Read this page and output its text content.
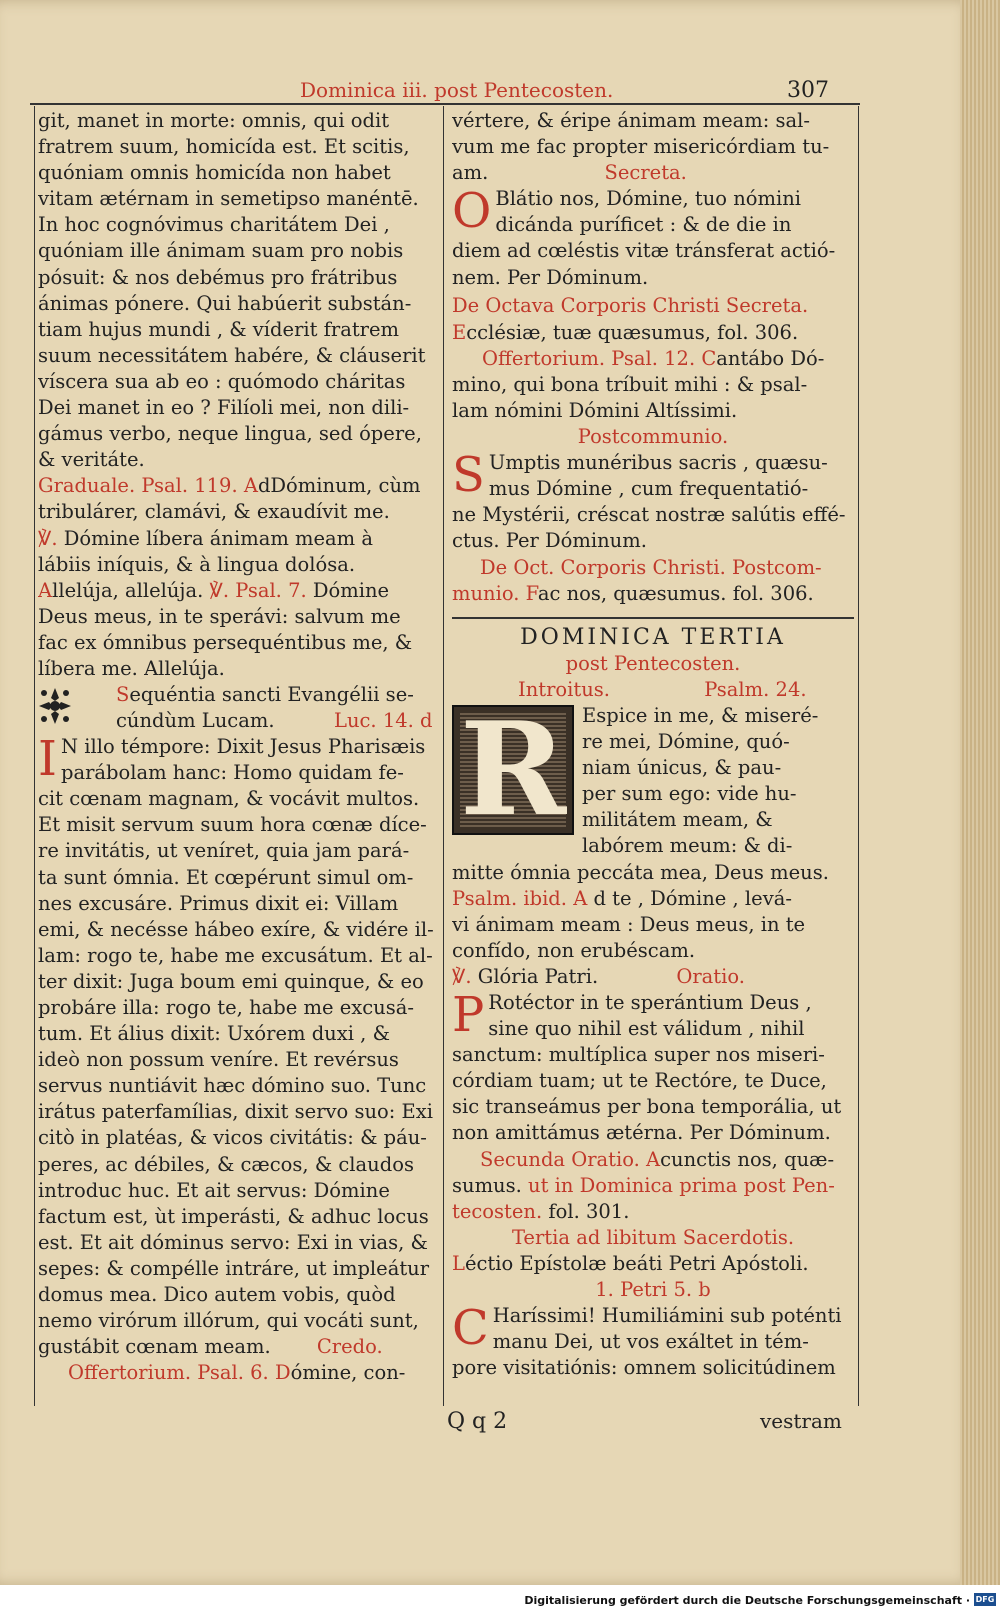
Dominica iii. post Pentecosten.	307
git, manet in morte: omnis, qui odit
fratrem suum, homicída est. Et scitis,
quóniam omnis homicída non habet
vitam ætérnam in semetipso manéntē.
In hoc cognóvimus charitátem Dei ,
quóniam ille ánimam suam pro nobis
pósuit: & nos debémus pro frátribus
ánimas pónere. Qui habúerit substán-
tiam hujus mundi , & víderit fratrem
suum necessitátem habére, & cláuserit
víscera sua ab eo : quómodo cháritas
Dei manet in eo ? Filíoli mei, non dili-
gámus verbo, neque lingua, sed ópere,
& veritáte.
Graduale. Psal. 119. AdDóminum, cùm
tribulárer, clamávi, & exaudívit me.
℣. Dómine líbera ánimam meam à
lábiis iníquis, & à lingua dolósa.
Allelúja, allelúja. ℣. Psal. 7. Dómine
Deus meus, in te sperávi: salvum me
fac ex ómnibus persequéntibus me, &
líbera me. Allelúja.
Sequéntia sancti Evangélii se-
cúndùm Lucam.	Luc. 14. d
I N illo témpore: Dixit Jesus Pharisæis
parábolam hanc: Homo quidam fe-
cit cœnam magnam, & vocávit multos.
Et misit servum suum hora cœnæ díce-
re invitátis, ut veníret, quia jam pará-
ta sunt ómnia. Et cœpérunt simul om-
nes excusáre. Primus dixit ei: Villam
emi, & necésse hábeo exíre, & vidére il-
lam: rogo te, habe me excusátum. Et al-
ter dixit: Juga boum emi quinque, & eo
probáre illa: rogo te, habe me excusá-
tum. Et álius dixit: Uxórem duxi , &
ideò non possum veníre. Et revérsus
servus nuntiávit hæc dómino suo. Tunc
irátus paterfamílias, dixit servo suo: Exi
citò in platéas, & vicos civitátis: & páu-
peres, ac débiles, & cæcos, & claudos
introduc huc. Et ait servus: Dómine
factum est, ùt imperásti, & adhuc locus
est. Et ait dóminus servo: Exi in vias, &
sepes: & compélle intráre, ut impleátur
domus mea. Dico autem vobis, quòd
nemo virórum illórum, qui vocáti sunt,
gustábit cœnam meam. Credo.
Offertorium. Psal. 6. Dómine, con-
vértere, & éripe ánimam meam: sal-
vum me fac propter misericórdiam tu-
am.	Secreta.
O Blátio nos, Dómine, tuo nómini
dicánda puríficet : & de die in
diem ad cœléstis vitæ tránsferat actió-
nem. Per Dóminum.
De Octava Corporis Christi Secreta.
Ecclésiæ, tuæ quæsumus, fol. 306.
Offertorium. Psal. 12. Cantábo Dó-
mino, qui bona tríbuit mihi : & psal-
lam nómini Dómini Altíssimi.
Postcommunio.
S Umptis munéribus sacris , quæsu-
mus Dómine , cum frequentatió-
ne Mystérii, créscat nostræ salútis effé-
ctus. Per Dóminum.
De Oct. Corporis Christi. Postcom-
munio. Fac nos, quæsumus. fol. 306.
DOMINICA TERTIA
post Pentecosten.
Introitus.	Psalm. 24.
R Espice in me, & miseré-
re mei, Dómine, quó-
niam únicus, & pau-
per sum ego: vide hu-
militátem meam, &
labórem meum: & di-
mitte ómnia peccáta mea, Deus meus.
Psalm. ibid. A d te , Dómine , levá-
vi ánimam meam : Deus meus, in te
confído, non erubéscam.
℣. Glória Patri.	Oratio.
P Rotéctor in te sperántium Deus ,
sine quo nihil est válidum , nihil
sanctum: multíplica super nos miseri-
córdiam tuam; ut te Rectóre, te Duce,
sic transeámus per bona temporália, ut
non amittámus ætérna. Per Dóminum.
Secunda Oratio. Acunctis nos, quæ-
sumus. ut in Dominica prima post Pen-
tecosten. fol. 301.
Tertia ad libitum Sacerdotis.
Léctio Epístolæ beáti Petri Apóstoli.
1. Petri 5. b
C Haríssimi! Humiliámini sub poténti
manu Dei, ut vos exáltet in tém-
pore visitatiónis: omnem solicitúdinem
Q q 2	vestram
Digitalisierung gefördert durch die Deutsche Forschungsgemeinschaft · DFG
